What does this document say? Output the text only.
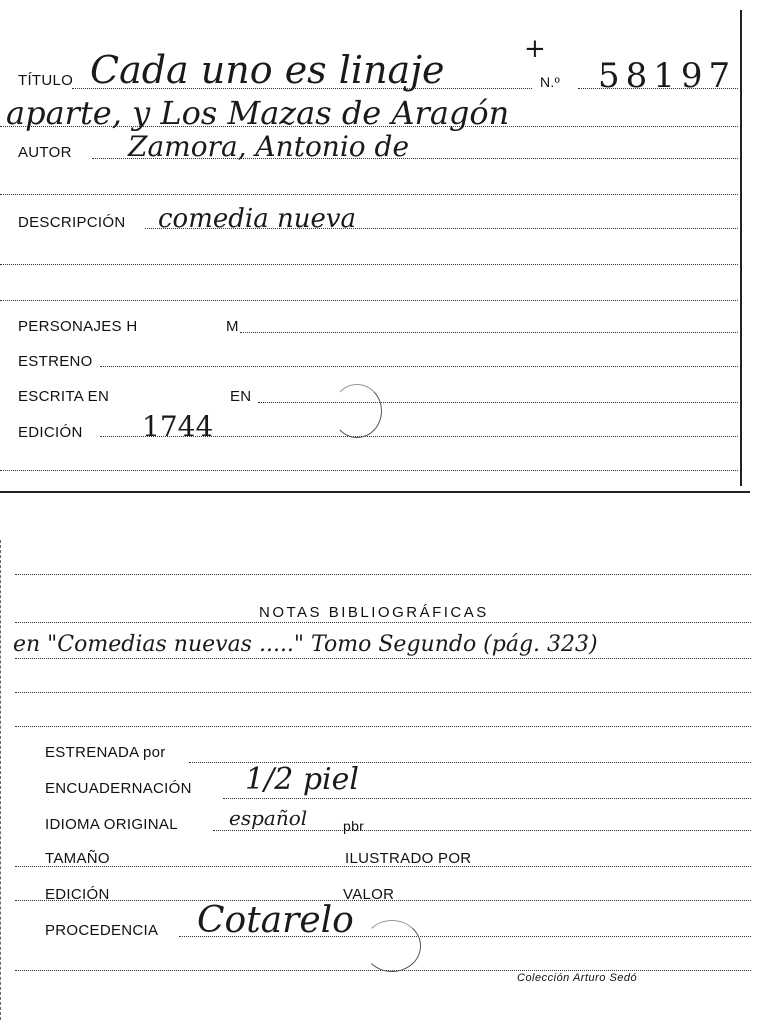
TÍTULO Cada uno es linaje	+
N.º 58197
aparte, y Los Mazas de Aragón
AUTOR Zamora, Antonio de
DESCRIPCIÓN comedia nueva
PERSONAJES H	M
ESTRENO
ESCRITA EN	EN
EDICIÓN 1744
NOTAS BIBLIOGRÁFICAS
en "Comedias nuevas ....." Tomo Segundo (pág. 323)
ESTRENADA por
ENCUADERNACIÓN 1/2 piel
IDIOMA ORIGINAL	español	pbr
TAMAÑO	ILUSTRADO POR
EDICIÓN	VALOR
PROCEDENCIA Cotarelo
Colección Arturo Sedó
